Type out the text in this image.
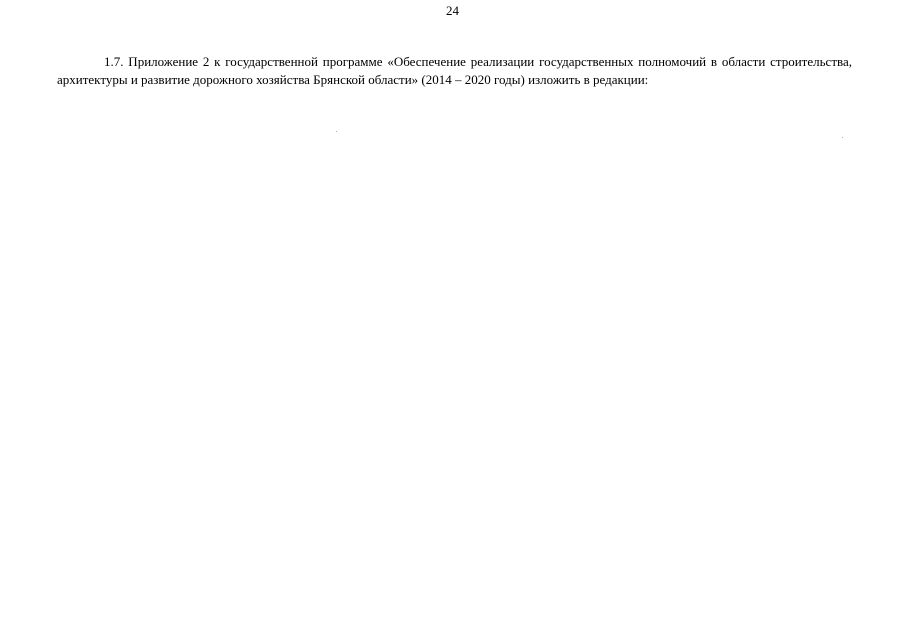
24

1.7. Приложение 2 к государственной программе «Обеспечение реализации государственных полномочий в области строительства, архитектуры и развитие дорожного хозяйства Брянской области» (2014 – 2020 годы) изложить в редакции:
